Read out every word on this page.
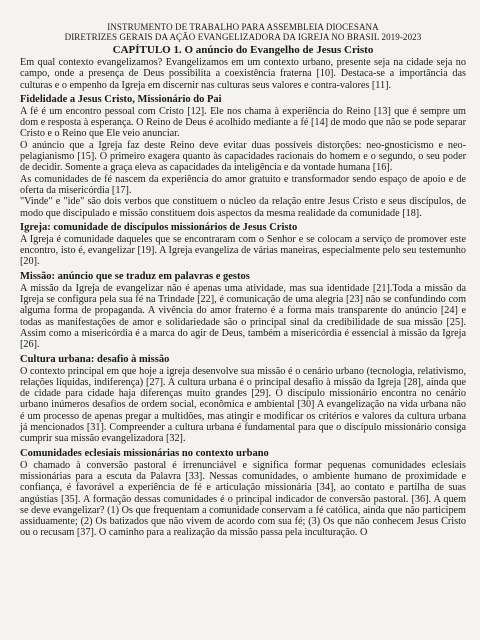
INSTRUMENTO DE TRABALHO PARA ASSEMBLEIA DIOCESANA
DIRETRIZES GERAIS DA AÇÃO EVANGELIZADORA DA IGREJA NO BRASIL 2019-2023
CAPÍTULO 1. O anúncio do Evangelho de Jesus Cristo

Em qual contexto evangelizamos? Evangelizamos em um contexto urbano, presente seja na cidade seja no campo, onde a presença de Deus possibilita a coexistência fraterna [10]. Destaca-se a importância das culturas e o empenho da Igreja em discernir nas culturas seus valores e contra-valores [11].

Fidelidade a Jesus Cristo, Missionário do Pai

A fé é um encontro pessoal com Cristo [12]. Ele nos chama à experiência do Reino [13] que é sempre um dom e resposta à esperança. O Reino de Deus é acolhido mediante a fé [14] de modo que não se pode separar Cristo e o Reino que Ele veio anunciar.

O anúncio que a Igreja faz deste Reino deve evitar duas possíveis distorções: neo-gnosticismo e neo-pelagianismo [15]. O primeiro exagera quanto às capacidades racionais do homem e o segundo, o seu poder de decidir. Somente a graça eleva as capacidades da inteligência e da vontade humana [16].

As comunidades de fé nascem da experiência do amor gratuito e transformador sendo espaço de apoio e de oferta da misericórdia [17].

"Vinde" e "ide" são dois verbos que constituem o núcleo da relação entre Jesus Cristo e seus discípulos, de modo que discipulado e missão constituem dois aspectos da mesma realidade da comunidade [18].

Igreja: comunidade de discípulos missionários de Jesus Cristo

A Igreja é comunidade daqueles que se encontraram com o Senhor e se colocam a serviço de promover este encontro, isto é, evangelizar [19]. A Igreja evangeliza de várias maneiras, especialmente pelo seu testemunho [20].

Missão: anúncio que se traduz em palavras e gestos

A missão da Igreja de evangelizar não é apenas uma atividade, mas sua identidade [21].Toda a missão da Igreja se configura pela sua fé na Trindade [22], é comunicação de uma alegria [23] não se confundindo com alguma forma de propaganda. A vivência do amor fraterno é a forma mais transparente do anúncio [24] e todas as manifestações de amor e solidariedade são o principal sinal da credibilidade de sua missão [25]. Assim como a misericórdia é a marca do agir de Deus, também a misericórdia é essencial à missão da Igreja [26].

Cultura urbana: desafio à missão

O contexto principal em que hoje a igreja desenvolve sua missão é o cenário urbano (tecnologia, relativismo, relações líquidas, indiferença) [27]. A cultura urbana é o principal desafio à missão da Igreja [28], ainda que de cidade para cidade haja diferenças muito grandes [29]. O discípulo missionário encontra no cenário urbano inúmeros desafios de ordem social, econômica e ambiental [30] A evangelização na vida urbana não é um processo de apenas pregar a multidões, mas atingir e modificar os critérios e valores da cultura urbana já mencionados [31]. Compreender a cultura urbana é fundamental para que o discípulo missionário consiga cumprir sua missão evangelizadora [32].

Comunidades eclesiais missionárias no contexto urbano

O chamado à conversão pastoral é irrenunciável e significa formar pequenas comunidades eclesiais missionárias para a escuta da Palavra [33]. Nessas comunidades, o ambiente humano de proximidade e confiança, é favorável a experiência de fé e articulação missionária [34], ao contato e partilha de suas angústias [35]. A formação dessas comunidades é o principal indicador de conversão pastoral. [36]. A quem se deve evangelizar? (1) Os que frequentam a comunidade conservam a fé católica, ainda que não participem assiduamente; (2) Os batizados que não vivem de acordo com sua fé; (3) Os que não conhecem Jesus Cristo ou o recusam [37]. O caminho para a realização da missão passa pela inculturação. O
